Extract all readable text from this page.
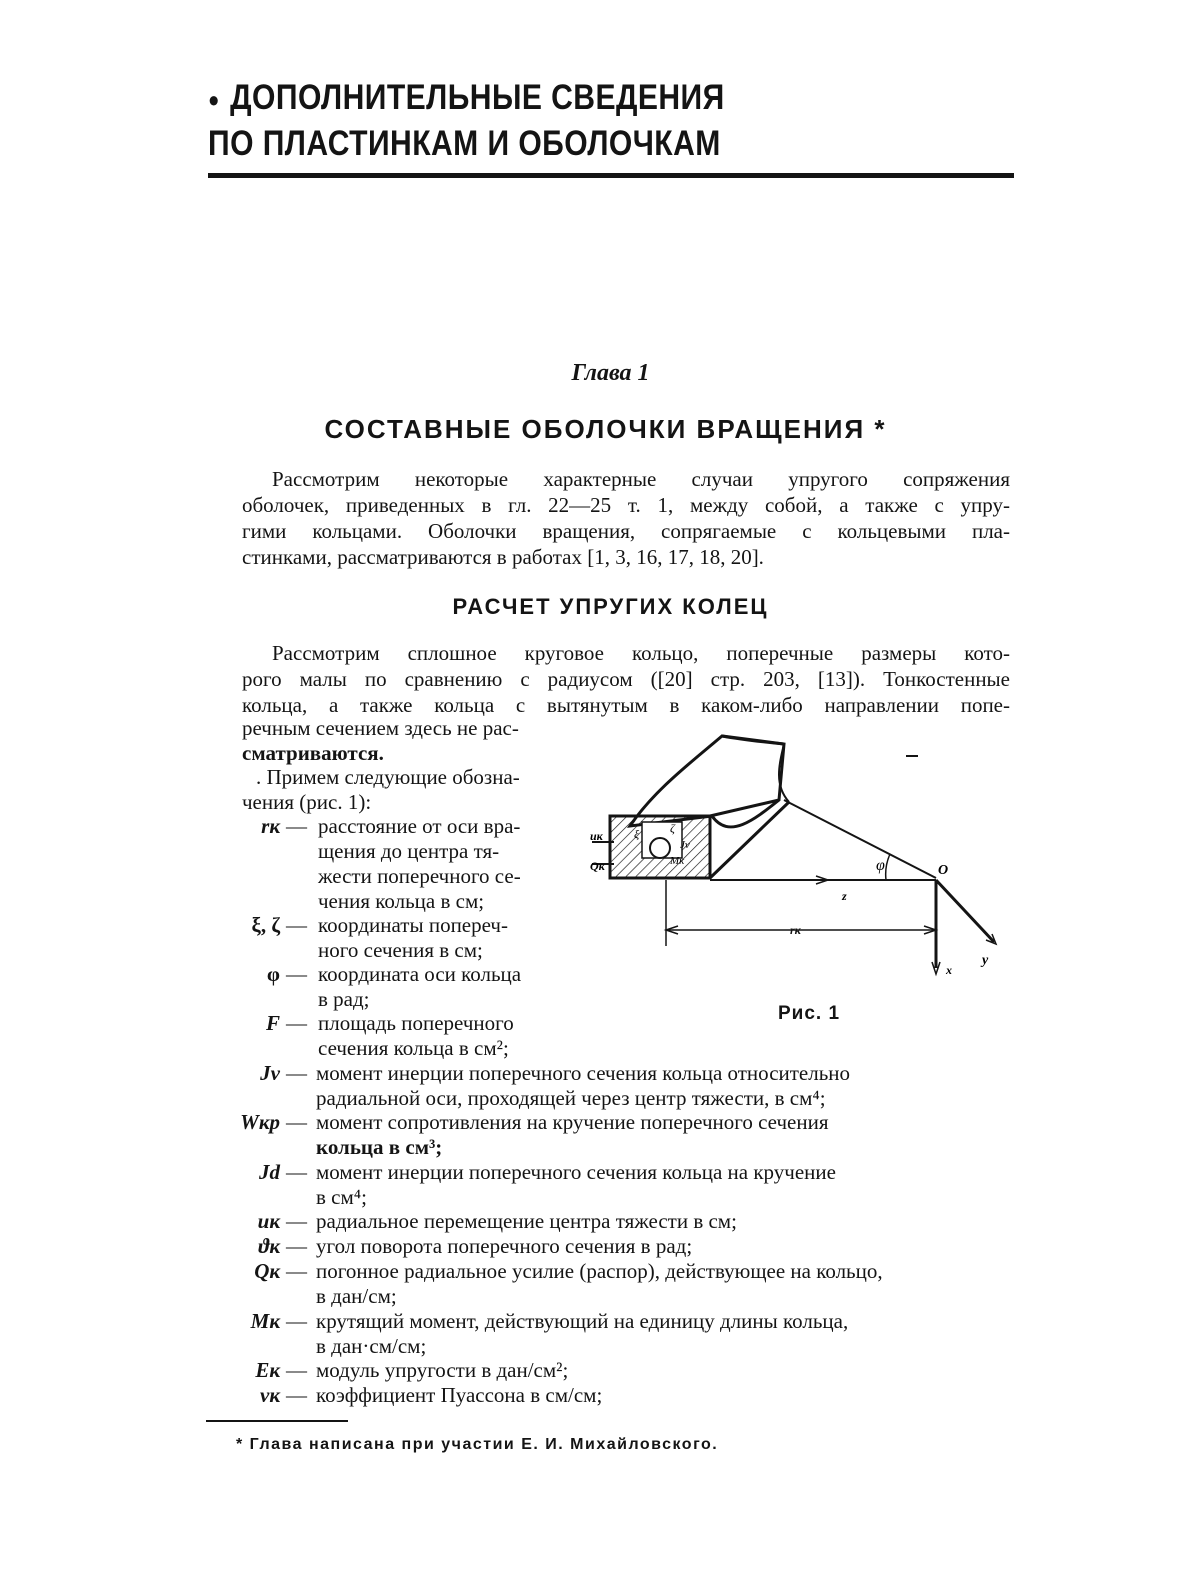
● ДОПОЛНИТЕЛЬНЫЕ СВЕДЕНИЯ
ПО ПЛАСТИНКАМ И ОБОЛОЧКАМ
Глава 1
СОСТАВНЫЕ ОБОЛОЧКИ ВРАЩЕНИЯ *
Рассмотрим некоторые характерные случаи упругого сопряжения
оболочек, приведенных в гл. 22—25 т. 1, между собой, а также с упру-
гими кольцами. Оболочки вращения, сопрягаемые с кольцевыми пла-
стинками, рассматриваются в работах [1, 3, 16, 17, 18, 20].
РАСЧЕТ УПРУГИХ КОЛЕЦ
Рассмотрим сплошное круговое кольцо, поперечные размеры кото-
рого малы по сравнению с радиусом ([20] стр. 203, [13]). Тонкостенные
кольца, а также кольца с вытянутым в каком-либо направлении попе-
речным сечением здесь не рас-
сматриваются.
. Примем следующие обозна-
чения (рис. 1):
rк — расстояние от оси вра-
щения до центра тя-
жести поперечного се-
чения кольца в см;
ξ, ζ — координаты попереч-
ного сечения в см;
φ — координата оси кольца
в рад;
F — площадь поперечного
сечения кольца в см²;
Jv — момент инерции поперечного сечения кольца относительно
радиальной оси, проходящей через центр тяжести, в см⁴;
Wкр — момент сопротивления на кручение поперечного сечения
кольца в см³;
Jd — момент инерции поперечного сечения кольца на кручение
в см⁴;
uк — радиальное перемещение центра тяжести в см;
ϑк — угол поворота поперечного сечения в рад;
Qк — погонное радиальное усилие (распор), действующее на кольцо,
в дан/см;
Mк — крутящий момент, действующий на единицу длины кольца,
в дан·см/см;
Eк — модуль упругости в дан/см²;
νк — коэффициент Пуассона в см/см;
uк
Qк
ξ	ζ
Jv
Mк
z
φ	O
x
y
rк
Рис. 1
* Глава написана при участии Е. И. Михайловского.
